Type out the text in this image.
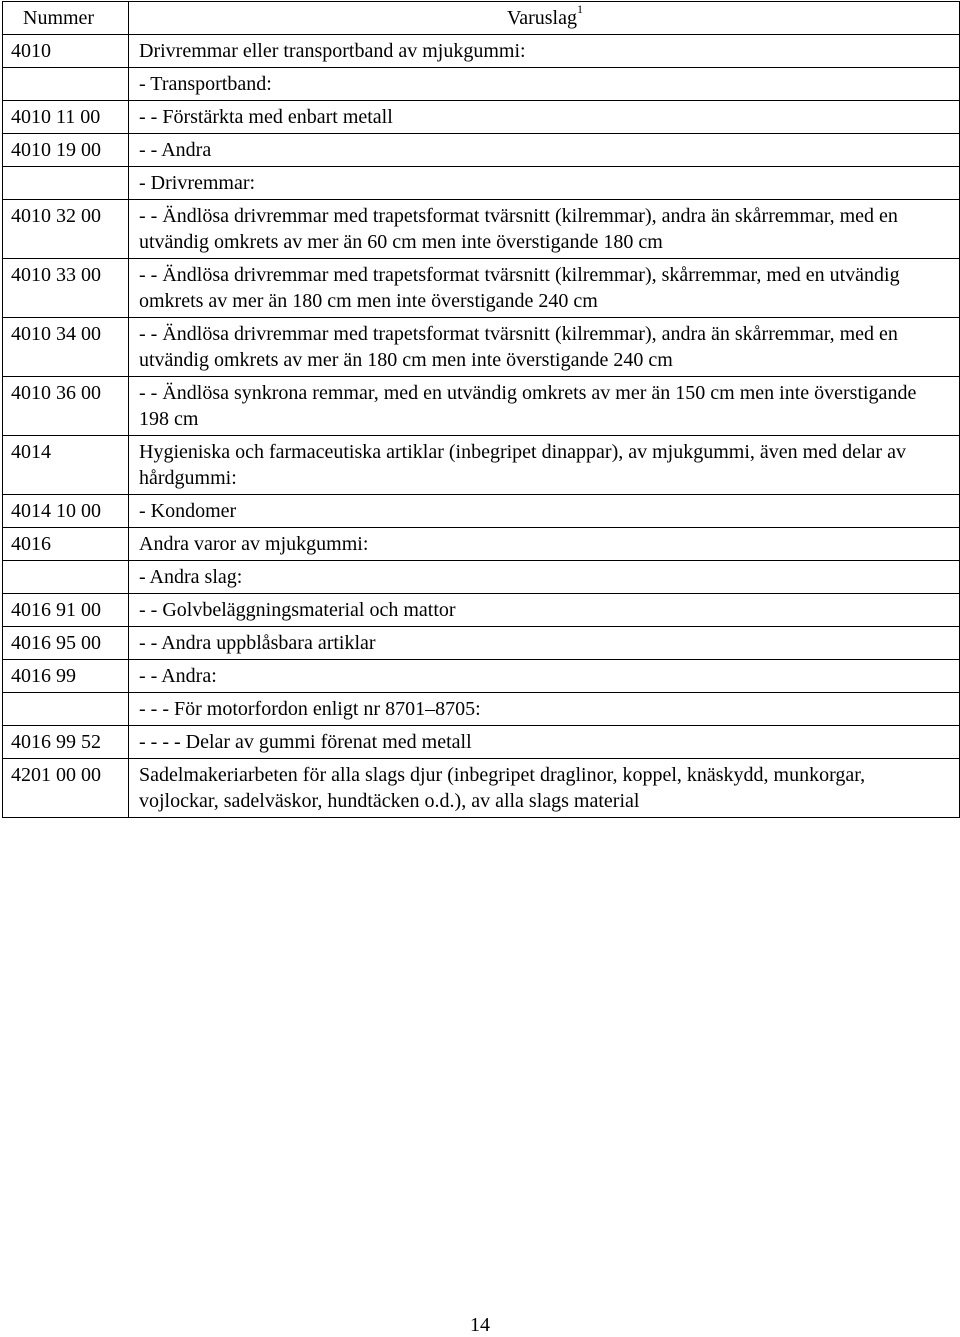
Nummer	Varuslag$^1$
4010	Drivremmar eller transportband av mjukgummi:
	- Transportband:
4010 11 00	- - Förstärkta med enbart metall
4010 19 00	- - Andra
	- Drivremmar:
4010 32 00	- - Ändlösa drivremmar med trapetsformat tvärsnitt (kilremmar), andra än skårremmar, med en utvändig omkrets av mer än 60 cm men inte överstigande 180 cm
4010 33 00	- - Ändlösa drivremmar med trapetsformat tvärsnitt (kilremmar), skårremmar, med en utvändig omkrets av mer än 180 cm men inte överstigande 240 cm
4010 34 00	- - Ändlösa drivremmar med trapetsformat tvärsnitt (kilremmar), andra än skårremmar, med en utvändig omkrets av mer än 180 cm men inte överstigande 240 cm
4010 36 00	- - Ändlösa synkrona remmar, med en utvändig omkrets av mer än 150 cm men inte överstigande 198 cm
4014	Hygieniska och farmaceutiska artiklar (inbegripet dinappar), av mjukgummi, även med delar av hårdgummi:
4014 10 00	- Kondomer
4016	Andra varor av mjukgummi:
	- Andra slag:
4016 91 00	- - Golvbeläggningsmaterial och mattor
4016 95 00	- - Andra uppblåsbara artiklar
4016 99	- - Andra:
	- - - För motorfordon enligt nr 8701–8705:
4016 99 52	- - - - Delar av gummi förenat med metall
4201 00 00	Sadelmakeriarbeten för alla slags djur (inbegripet draglinor, koppel, knäskydd, munkorgar, vojlockar, sadelväskor, hundtäcken o.d.), av alla slags material
14
